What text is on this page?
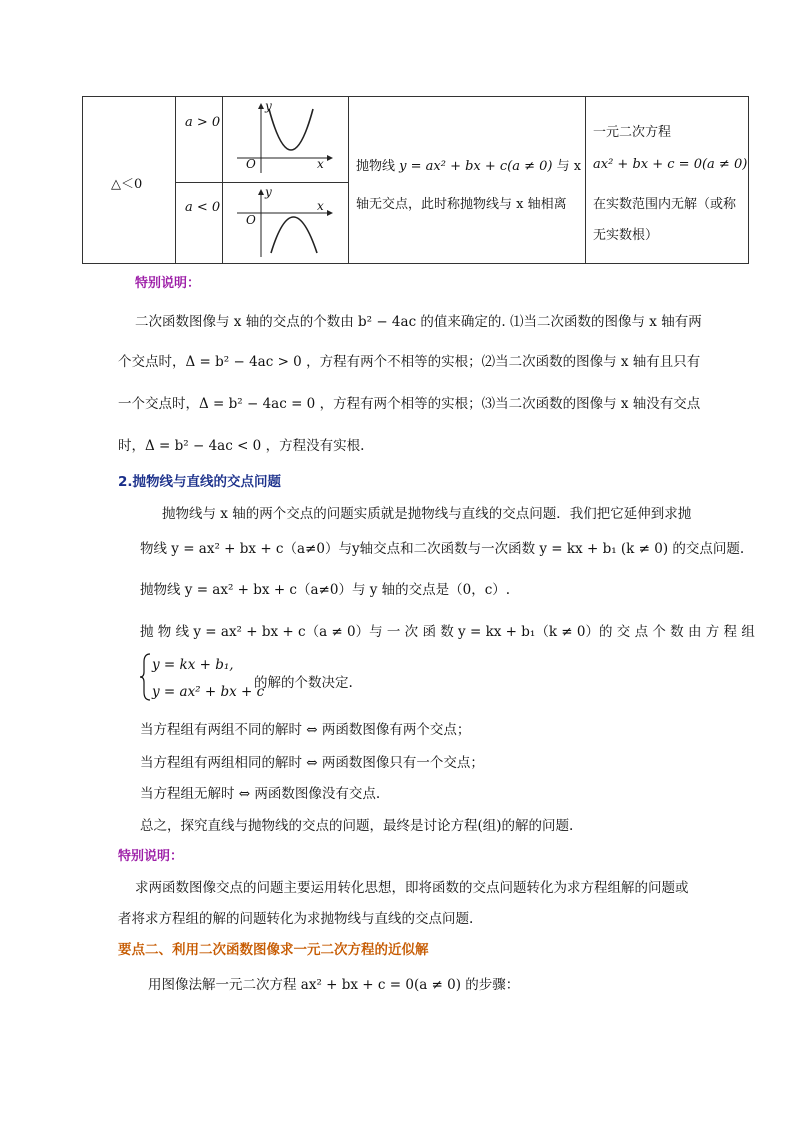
△＜0
a > 0
a < 0
O	x
y
O
x
y
抛物线 y = ax² + bx + c(a ≠ 0) 与 x
轴无交点，此时称抛物线与 x 轴相离
一元二次方程
ax² + bx + c = 0(a ≠ 0)
在实数范围内无解（或称
无实数根）
特别说明：
二次函数图像与 x 轴的交点的个数由 b² − 4ac 的值来确定的. ⑴当二次函数的图像与 x 轴有两
个交点时，Δ = b² − 4ac > 0 ，方程有两个不相等的实根；⑵当二次函数的图像与 x 轴有且只有
一个交点时，Δ = b² − 4ac = 0 ，方程有两个相等的实根；⑶当二次函数的图像与 x 轴没有交点
时，Δ = b² − 4ac < 0 ，方程没有实根.
2.抛物线与直线的交点问题
抛物线与 x 轴的两个交点的问题实质就是抛物线与直线的交点问题．我们把它延伸到求抛
物线 y = ax² + bx + c（a≠0）与y轴交点和二次函数与一次函数 y = kx + b₁ (k ≠ 0) 的交点问题.
抛物线 y = ax² + bx + c（a≠0）与 y 轴的交点是（0，c）.
抛 物 线 y = ax² + bx + c（a ≠ 0）与 一 次 函 数 y = kx + b₁（k ≠ 0）的 交 点 个 数 由 方 程 组
y = kx + b₁,
y = ax² + bx + c
的解的个数决定.
当方程组有两组不同的解时 ⇔ 两函数图像有两个交点；
当方程组有两组相同的解时 ⇔ 两函数图像只有一个交点；
当方程组无解时 ⇔ 两函数图像没有交点.
总之，探究直线与抛物线的交点的问题，最终是讨论方程(组)的解的问题.
特别说明：
求两函数图像交点的问题主要运用转化思想，即将函数的交点问题转化为求方程组解的问题或
者将求方程组的解的问题转化为求抛物线与直线的交点问题.
要点二、利用二次函数图像求一元二次方程的近似解
用图像法解一元二次方程 ax² + bx + c = 0(a ≠ 0) 的步骤：
